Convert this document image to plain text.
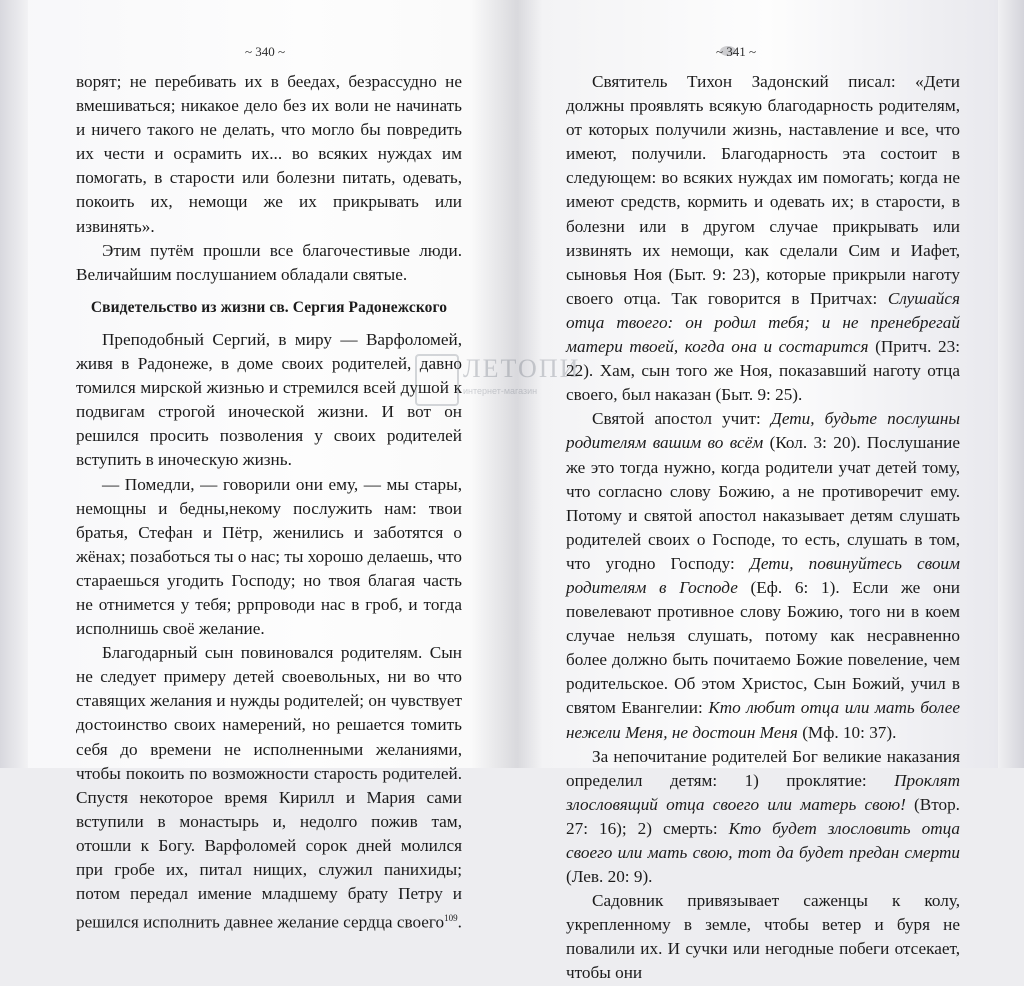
~ 340 ~	~ 341 ~

ворят; не перебивать их в беедах, безрассудно не вмешиваться; никакое дело без их воли не начинать и ничего такого не делать, что могло бы повредить их чести и осрамить их... во всяких нуждах им помогать, в старости или болезни питать, одевать, покоить их, немощи же их прикрывать или извинять».

Этим путём прошли все благочестивые люди. Величайшим послушанием обладали святые.

Свидетельство из жизни св. Сергия Радонежского

Преподобный Сергий, в миру — Варфоломей, живя в Радонеже, в доме своих родителей, давно томился мирской жизнью и стремился всей душой к подвигам строгой иноческой жизни. И вот он решился просить позволения у своих родителей вступить в иноческую жизнь.

— Помедли, — говорили они ему, — мы стары, немощны и бедны,некому послужить нам: твои братья, Стефан и Пётр, женились и заботятся о жёнах; позаботься ты о нас; ты хорошо делаешь, что стараешься угодить Господу; но твоя благая часть не отнимется у тебя; ррпроводи нас в гроб, и тогда исполнишь своё желание.

Благодарный сын повиновался родителям. Сын не следует примеру детей своевольных, ни во что ставящих желания и нужды родителей; он чувствует достоинство своих намерений, но решается томить себя до времени не исполненными желаниями, чтобы покоить по возможности старость родителей. Спустя некоторое время Кирилл и Мария сами вступили в монастырь и, недолго пожив там, отошли к Богу. Варфоломей сорок дней молился при гробе их, питал нищих, служил панихиды; потом передал имение младшему брату Петру и решился исполнить давнее желание сердца своего$^{109}$.

Святитель Тихон Задонский писал: «Дети должны проявлять всякую благодарность родителям, от которых получили жизнь, наставление и все, что имеют, получили. Благодарность эта состоит в следующем: во всяких нуждах им помогать; когда не имеют средств, кормить и одевать их; в старости, в болезни или в другом случае прикрывать или извинять их немощи, как сделали Сим и Иафет, сыновья Ноя (Быт. 9: 23), которые прикрыли наготу своего отца. Так говорится в Притчах: Слушайся отца твоего: он родил тебя; и не пренебрегай матери твоей, когда она и состарится (Притч. 23: 22). Хам, сын того же Ноя, показавший наготу отца своего, был наказан (Быт. 9: 25).

Святой апостол учит: Дети, будьте послушны родителям вашим во всём (Кол. 3: 20). Послушание же это тогда нужно, когда родители учат детей тому, что согласно слову Божию, а не противоречит ему. Потому и святой апостол наказывает детям слушать родителей своих о Господе, то есть, слушать в том, что угодно Господу: Дети, повинуйтесь своим родителям в Господе (Еф. 6: 1). Если же они повелевают противное слову Божию, того ни в коем случае нельзя слушать, потому как несравненно более должно быть почитаемо Божие повеление, чем родительское. Об этом Христос, Сын Божий, учил в святом Евангелии: Кто любит отца или мать более нежели Меня, не достоин Меня (Мф. 10: 37).

За непочитание родителей Бог великие наказания определил детям: 1) проклятие: Проклят злословящий отца своего или матерь свою! (Втор. 27: 16); 2) смерть: Кто будет злословить отца своего или мать свою, тот да будет предан смерти (Лев. 20: 9).

Садовник привязывает саженцы к колу, укрепленному в земле, чтобы ветер и буря не повалили их. И сучки или негодные побеги отсекает, чтобы они

ЛЕТОПИ
интернет-магазин
